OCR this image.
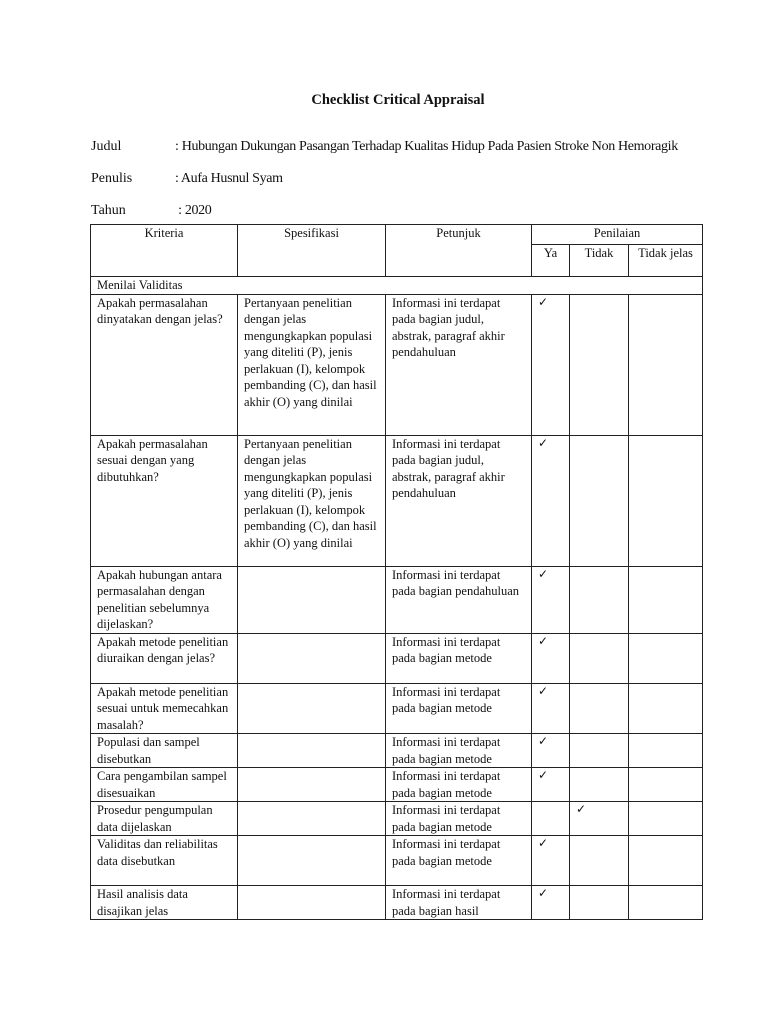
Checklist Critical Appraisal
Judul	: Hubungan Dukungan Pasangan Terhadap Kualitas Hidup Pada Pasien Stroke Non Hemoragik
Penulis	: Aufa Husnul Syam
Tahun	: 2020
Kriteria	Spesifikasi	Petunjuk	Penilaian		
			Ya	Tidak	Tidak jelas
Menilai Validitas					
Apakah permasalahan dinyatakan dengan jelas?	Pertanyaan penelitian dengan jelas mengungkapkan populasi yang diteliti (P), jenis perlakuan (I), kelompok pembanding (C), dan hasil akhir (O) yang dinilai	Informasi ini terdapat pada bagian judul, abstrak, paragraf akhir pendahuluan	✓		
Apakah permasalahan sesuai dengan yang dibutuhkan?	Pertanyaan penelitian dengan jelas mengungkapkan populasi yang diteliti (P), jenis perlakuan (I), kelompok pembanding (C), dan hasil akhir (O) yang dinilai	Informasi ini terdapat pada bagian judul, abstrak, paragraf akhir pendahuluan	✓		
Apakah hubungan antara permasalahan dengan penelitian sebelumnya dijelaskan?		Informasi ini terdapat pada bagian pendahuluan	✓		
Apakah metode penelitian diuraikan dengan jelas?		Informasi ini terdapat pada bagian metode	✓		
Apakah metode penelitian sesuai untuk memecahkan masalah?		Informasi ini terdapat pada bagian metode	✓		
Populasi dan sampel disebutkan		Informasi ini terdapat pada bagian metode	✓		
Cara pengambilan sampel disesuaikan		Informasi ini terdapat pada bagian metode	✓		
Prosedur pengumpulan data dijelaskan		Informasi ini terdapat pada bagian metode		✓	
Validitas dan reliabilitas data disebutkan		Informasi ini terdapat pada bagian metode	✓		
Hasil analisis data disajikan jelas		Informasi ini terdapat pada bagian hasil	✓		
